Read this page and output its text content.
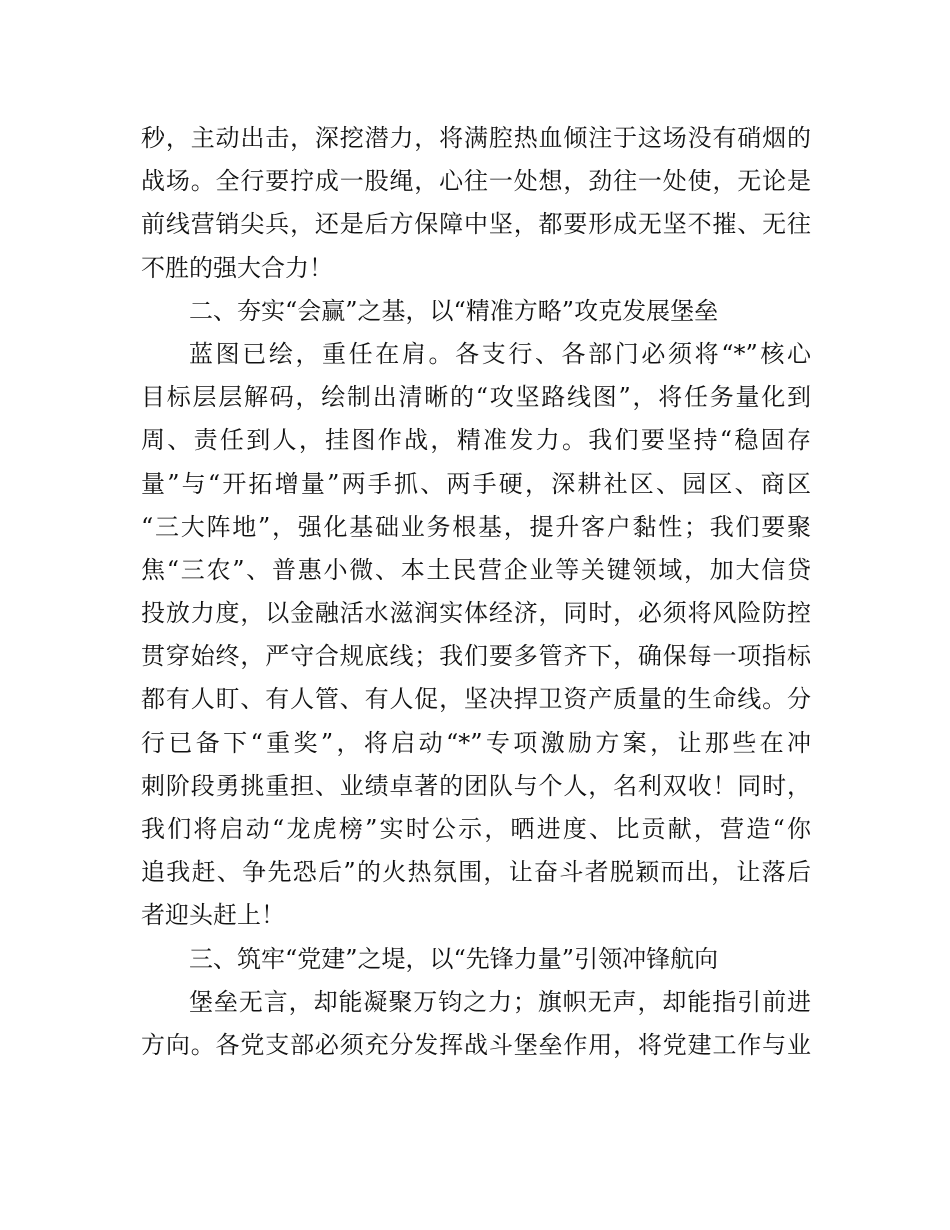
秒，主动出击，深挖潜力，将满腔热血倾注于这场没有硝烟的
战场。全行要拧成一股绳，心往一处想，劲往一处使，无论是
前线营销尖兵，还是后方保障中坚，都要形成无坚不摧、无往
不胜的强大合力！
二、夯实“会赢”之基，以“精准方略”攻克发展堡垒
蓝图已绘，重任在肩。各支行、各部门必须将“*”核心
目标层层解码，绘制出清晰的“攻坚路线图”，将任务量化到
周、责任到人，挂图作战，精准发力。我们要坚持“稳固存
量”与“开拓增量”两手抓、两手硬，深耕社区、园区、商区
“三大阵地”，强化基础业务根基，提升客户黏性；我们要聚
焦“三农”、普惠小微、本土民营企业等关键领域，加大信贷
投放力度，以金融活水滋润实体经济，同时，必须将风险防控
贯穿始终，严守合规底线；我们要多管齐下，确保每一项指标
都有人盯、有人管、有人促，坚决捍卫资产质量的生命线。分
行已备下“重奖”，将启动“*”专项激励方案，让那些在冲
刺阶段勇挑重担、业绩卓著的团队与个人，名利双收！同时，
我们将启动“龙虎榜”实时公示，晒进度、比贡献，营造“你
追我赶、争先恐后”的火热氛围，让奋斗者脱颖而出，让落后
者迎头赶上！
三、筑牢“党建”之堤，以“先锋力量”引领冲锋航向
堡垒无言，却能凝聚万钧之力；旗帜无声，却能指引前进
方向。各党支部必须充分发挥战斗堡垒作用，将党建工作与业
